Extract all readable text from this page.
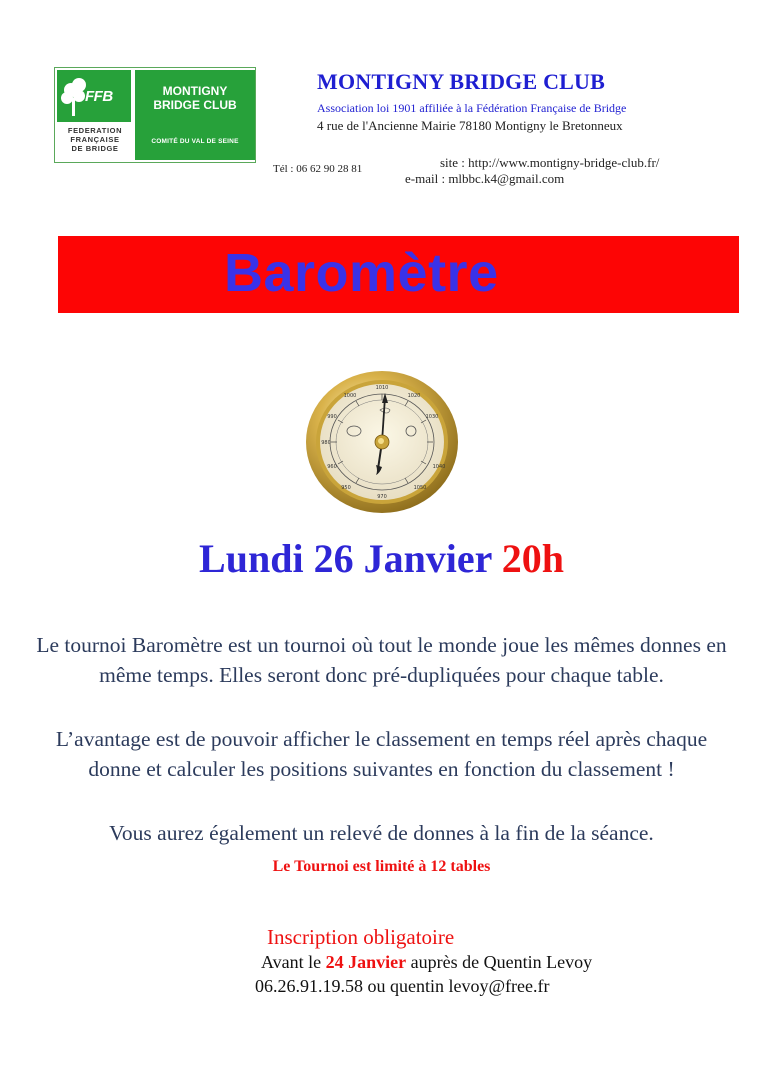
FFB
FEDERATION
FRANÇAISE
DE BRIDGE
MONTIGNY
BRIDGE CLUB
COMITÉ DU VAL DE SEINE
MONTIGNY BRIDGE CLUB
Association loi 1901 affiliée à la Fédération Française de Bridge
4 rue de l'Ancienne Mairie 78180 Montigny le Bretonneux
site : http://www.montigny-bridge-club.fr/
Tél : 06 62 90 28 81
e-mail : mlbbc.k4@gmail.com
Baromètre
1010
1020
1030
1040
1050
1000
990
980
970
960
950
Lundi 26 Janvier 20h
Le tournoi Baromètre est un tournoi où tout le monde joue les mêmes donnes en même temps. Elles seront donc pré-dupliquées pour chaque table.
L’avantage est de pouvoir afficher le classement en temps réel après chaque donne et calculer les positions suivantes en fonction du classement !
Vous aurez également un relevé de donnes à la fin de la séance.
Le Tournoi est limité à 12 tables
Inscription obligatoire
Avant le 24 Janvier auprès de Quentin Levoy
06.26.91.19.58 ou quentin levoy@free.fr
